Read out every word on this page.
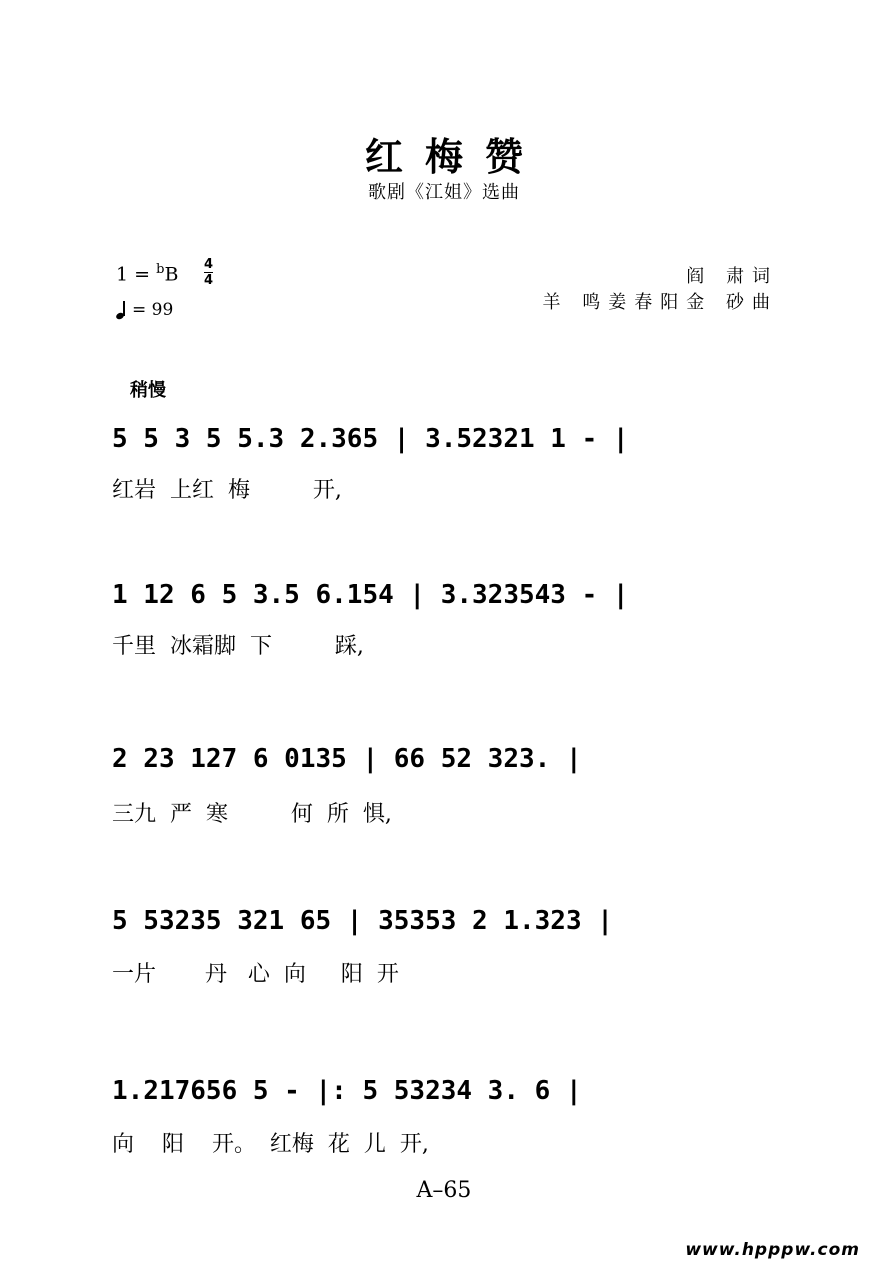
红梅赞
歌剧《江姐》选曲
1 = $^b$B 4
4
= 99
阎 肃词
羊 鸣姜春阳金 砂曲
稍慢
5 5 3 5 5.3 2.365 | 3.52321 1 - |
红岩  上红  梅         开,
1 12 6 5 3.5 6.154 | 3.323543 - |
千里  冰霜脚  下         踩,
2 23 127 6 0135 | 66 52 323. |
三九  严  寒         何  所  惧,
5 53235 321 65 | 35353 2 1.323 |
一片       丹   心  向     阳  开
1.217656 5 - |: 5 53234 3. 6 |
向    阳    开。  红梅  花  儿  开,
A–65
www.hpppw.com
